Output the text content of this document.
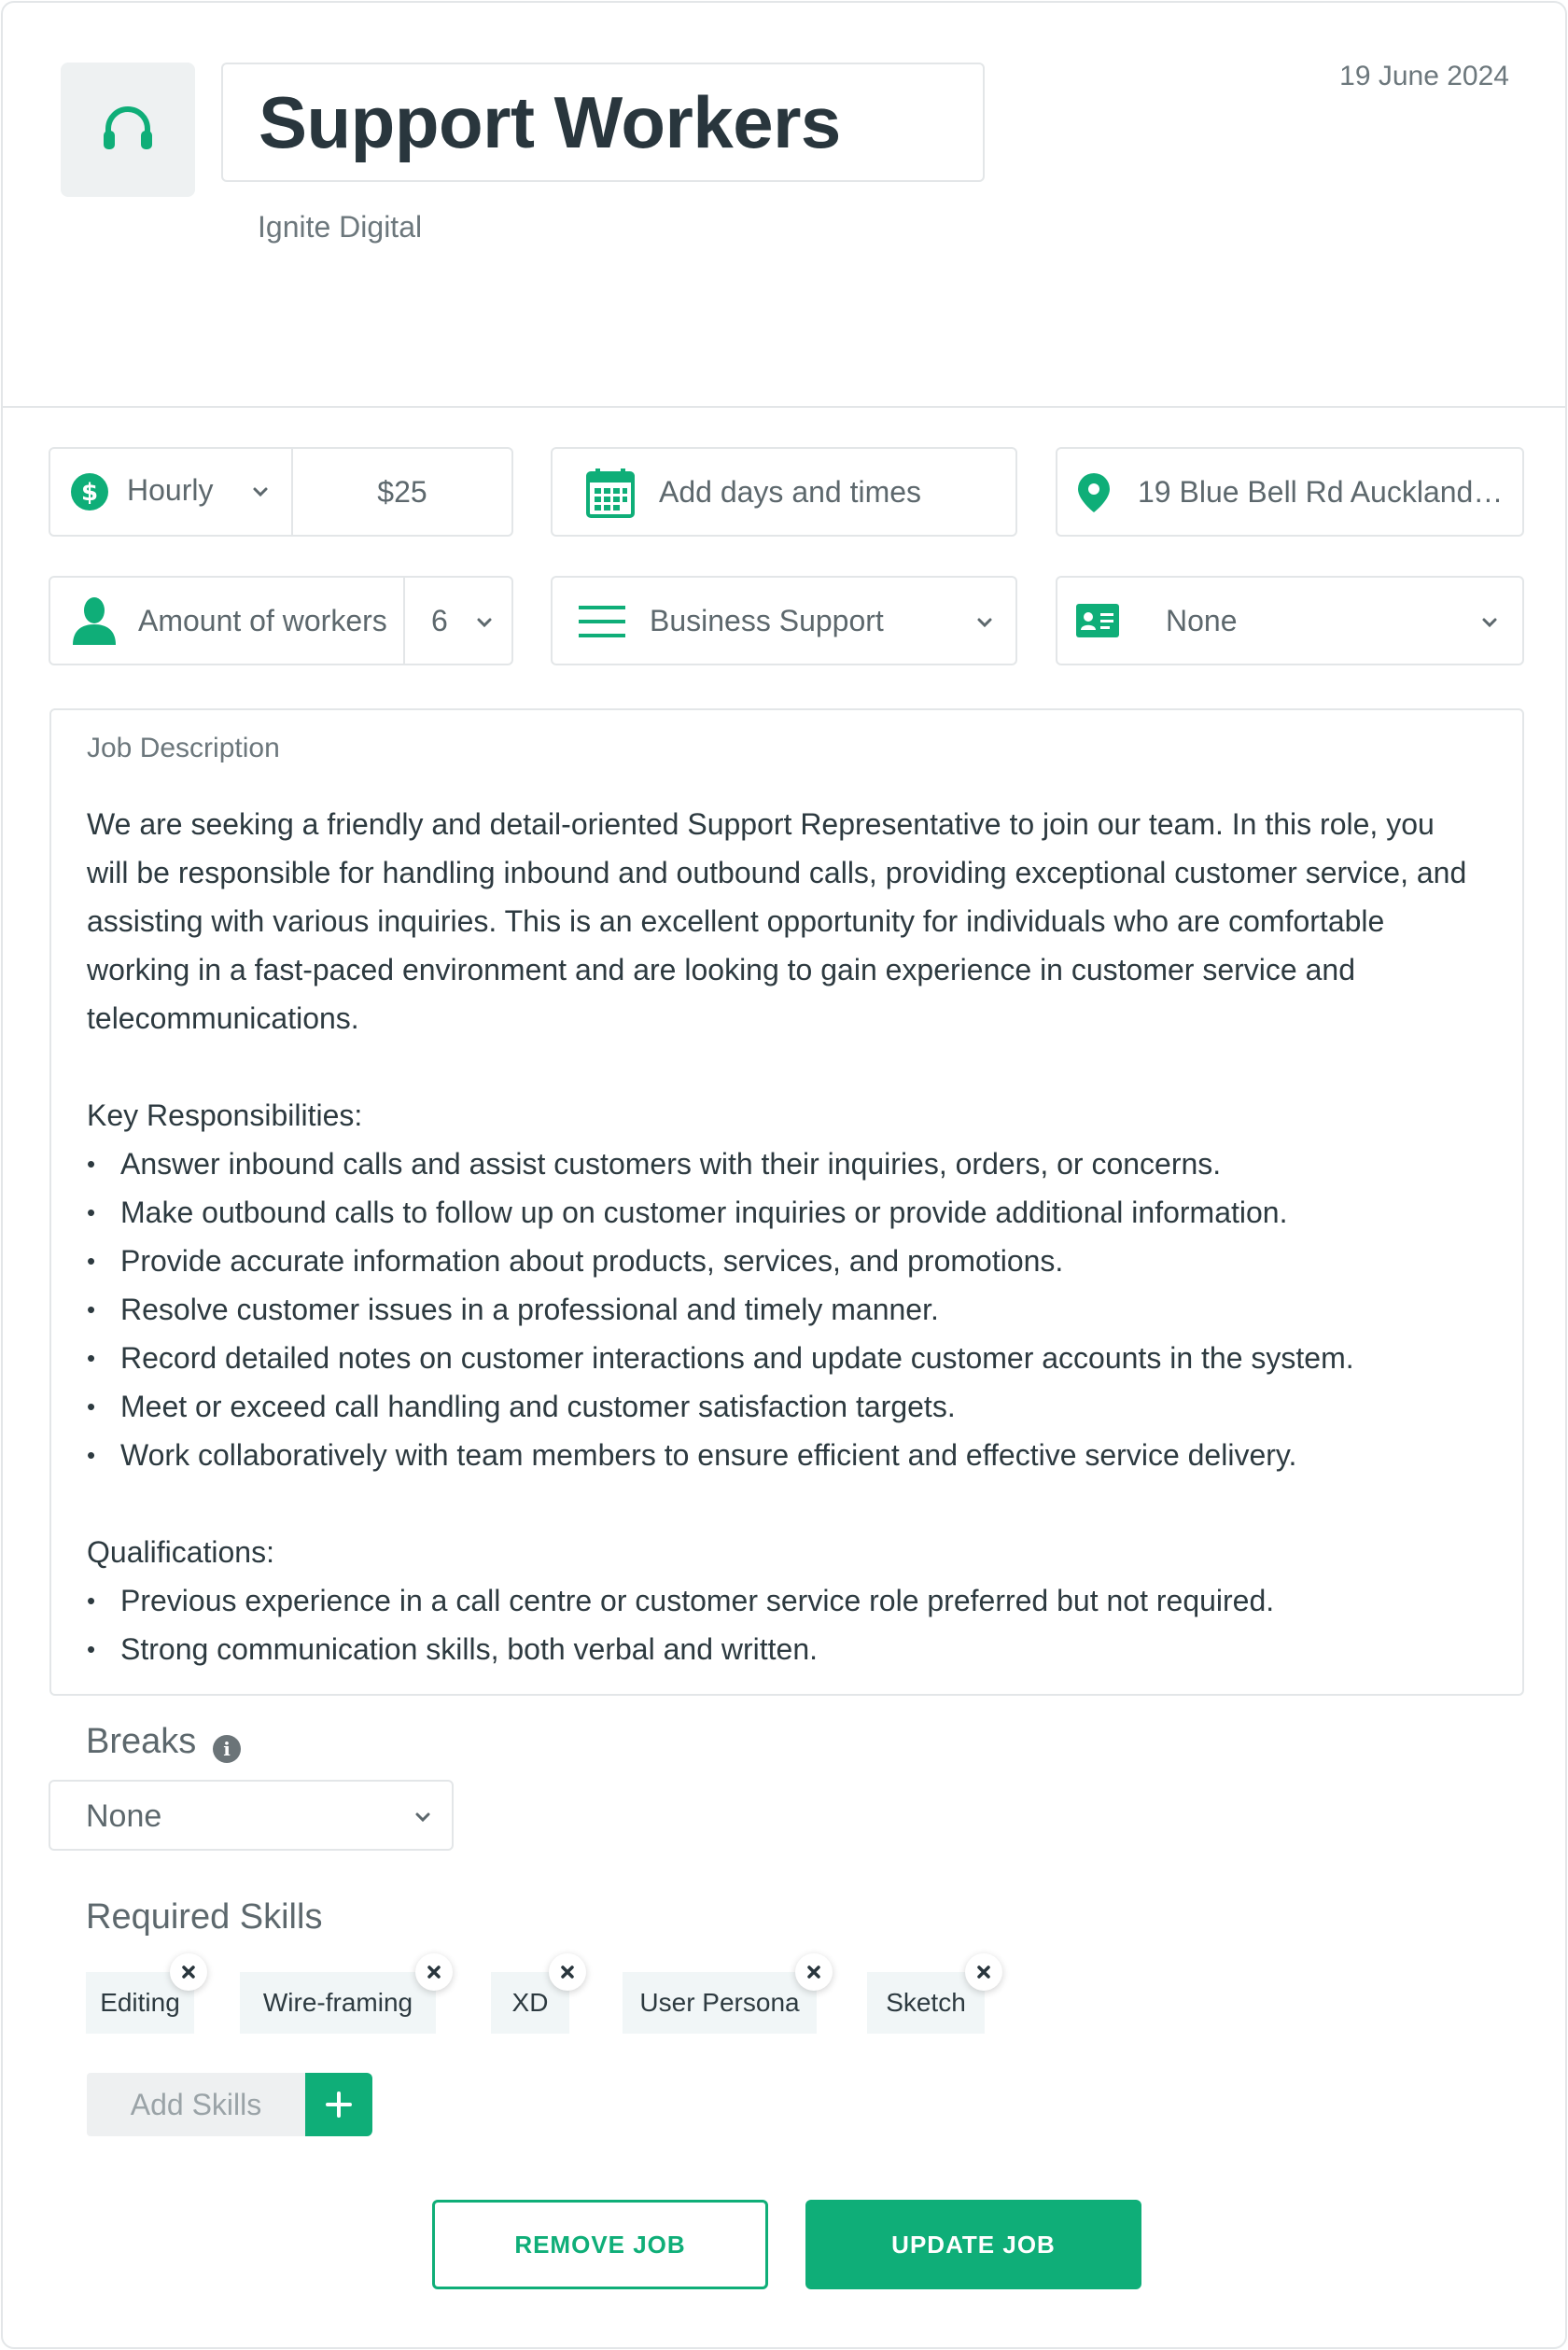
Support Workers
Ignite Digital
19 June 2024
$ Hourly	$25	Add days and times	19 Blue Bell Rd Auckland…
Amount of workers 6	Business Support	None
Job Description

We are seeking a friendly and detail-oriented Support Representative to join our team. In this role, you will be responsible for handling inbound and outbound calls, providing exceptional customer service, and assisting with various inquiries. This is an excellent opportunity for individuals who are comfortable working in a fast-paced environment and are looking to gain experience in customer service and telecommunications.

Key Responsibilities:

• Answer inbound calls and assist customers with their inquiries, orders, or concerns.
• Make outbound calls to follow up on customer inquiries or provide additional information.
• Provide accurate information about products, services, and promotions.
• Resolve customer issues in a professional and timely manner.
• Record detailed notes on customer interactions and update customer accounts in the system.
• Meet or exceed call handling and customer satisfaction targets.
• Work collaboratively with team members to ensure efficient and effective service delivery.

Qualifications:

• Previous experience in a call centre or customer service role preferred but not required.
• Strong communication skills, both verbal and written.
Breaks	i
None
Required Skills
Editing	Wire-framing	XD	User Persona	Sketch
Add Skills
REMOVE JOB	UPDATE JOB
